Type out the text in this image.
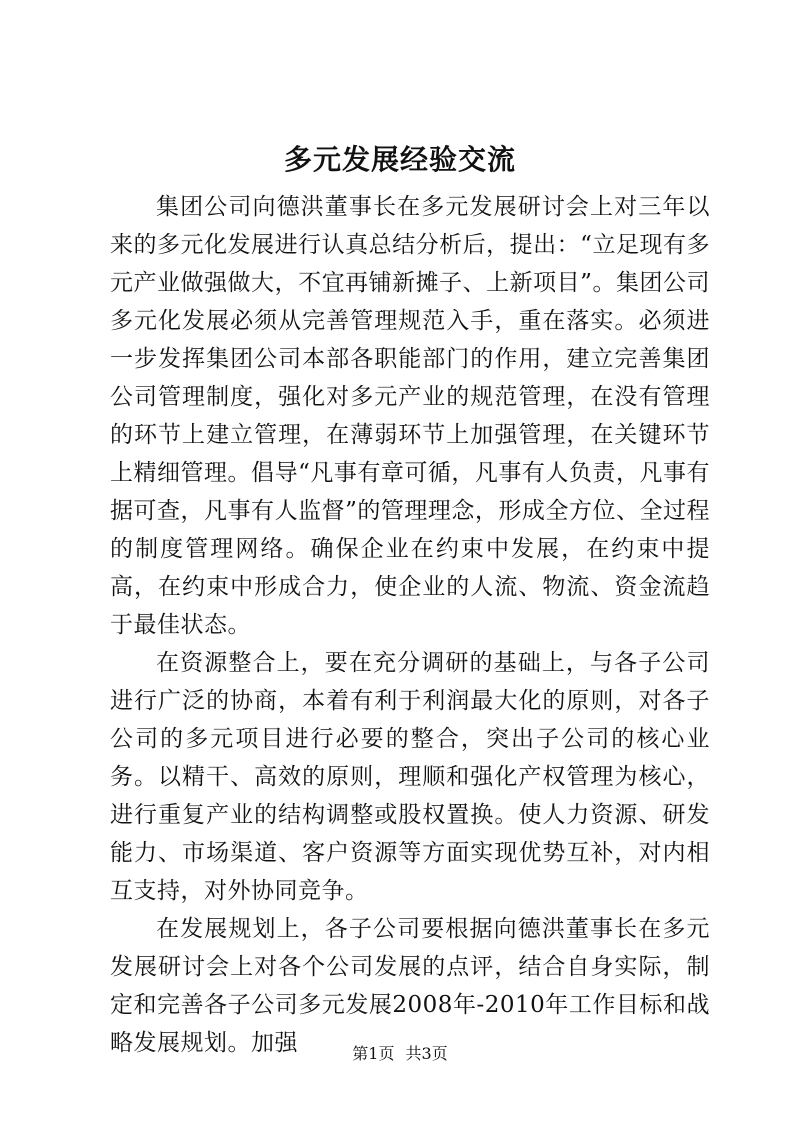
多元发展经验交流

集团公司向德洪董事长在多元发展研讨会上对三年以来的多元化发展进行认真总结分析后，提出：“立足现有多元产业做强做大，不宜再铺新摊子、上新项目”。集团公司多元化发展必须从完善管理规范入手，重在落实。必须进一步发挥集团公司本部各职能部门的作用，建立完善集团公司管理制度，强化对多元产业的规范管理，在没有管理的环节上建立管理，在薄弱环节上加强管理，在关键环节上精细管理。倡导“凡事有章可循，凡事有人负责，凡事有据可查，凡事有人监督”的管理理念，形成全方位、全过程的制度管理网络。确保企业在约束中发展，在约束中提高，在约束中形成合力，使企业的人流、物流、资金流趋于最佳状态。

在资源整合上，要在充分调研的基础上，与各子公司进行广泛的协商，本着有利于利润最大化的原则，对各子公司的多元项目进行必要的整合，突出子公司的核心业务。以精干、高效的原则，理顺和强化产权管理为核心，进行重复产业的结构调整或股权置换。使人力资源、研发能力、市场渠道、客户资源等方面实现优势互补，对内相互支持，对外协同竞争。

在发展规划上，各子公司要根据向德洪董事长在多元发展研讨会上对各个公司发展的点评，结合自身实际，制定和完善各子公司多元发展2008年-2010年工作目标和战略发展规划。加强	第1页 共3页
